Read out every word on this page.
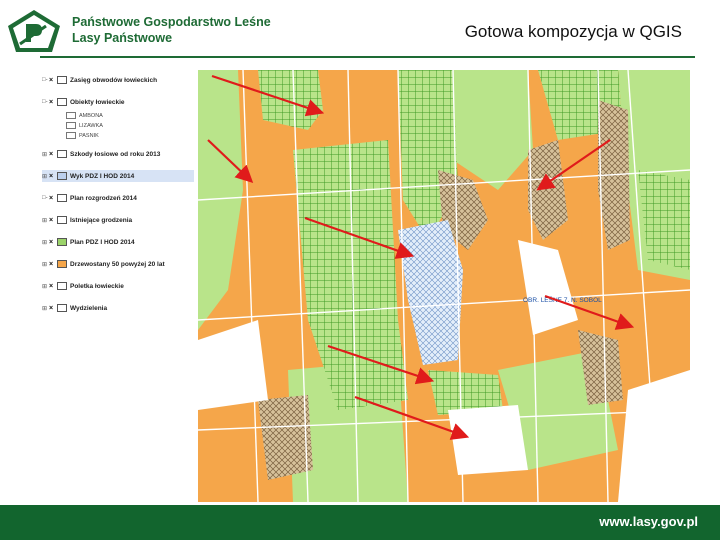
Państwowe Gospodarstwo Leśne
Lasy Państwowe	Gotowa kompozycja w QGIS
□- ×	Zasięg obwodów łowieckich
□- ×	Obiekty łowieckie
AMBONA
LIZAWKA
PASNIK
⊞ ×	Szkody łosiowe od roku 2013
⊞ ×	Wyk PDZ I HOD 2014
□- ×	Plan rozgrodzeń 2014
⊞ ×	Istniejące grodzenia
⊞ ×	Plan PDZ I HOD 2014
⊞ ×	Drzewostany 50 powyżej 20 lat
⊞ ×	Poletka łowieckie
⊞ ×	Wydzielenia
OBR. LEŚNE 7. N. SOBOL
www.lasy.gov.pl
